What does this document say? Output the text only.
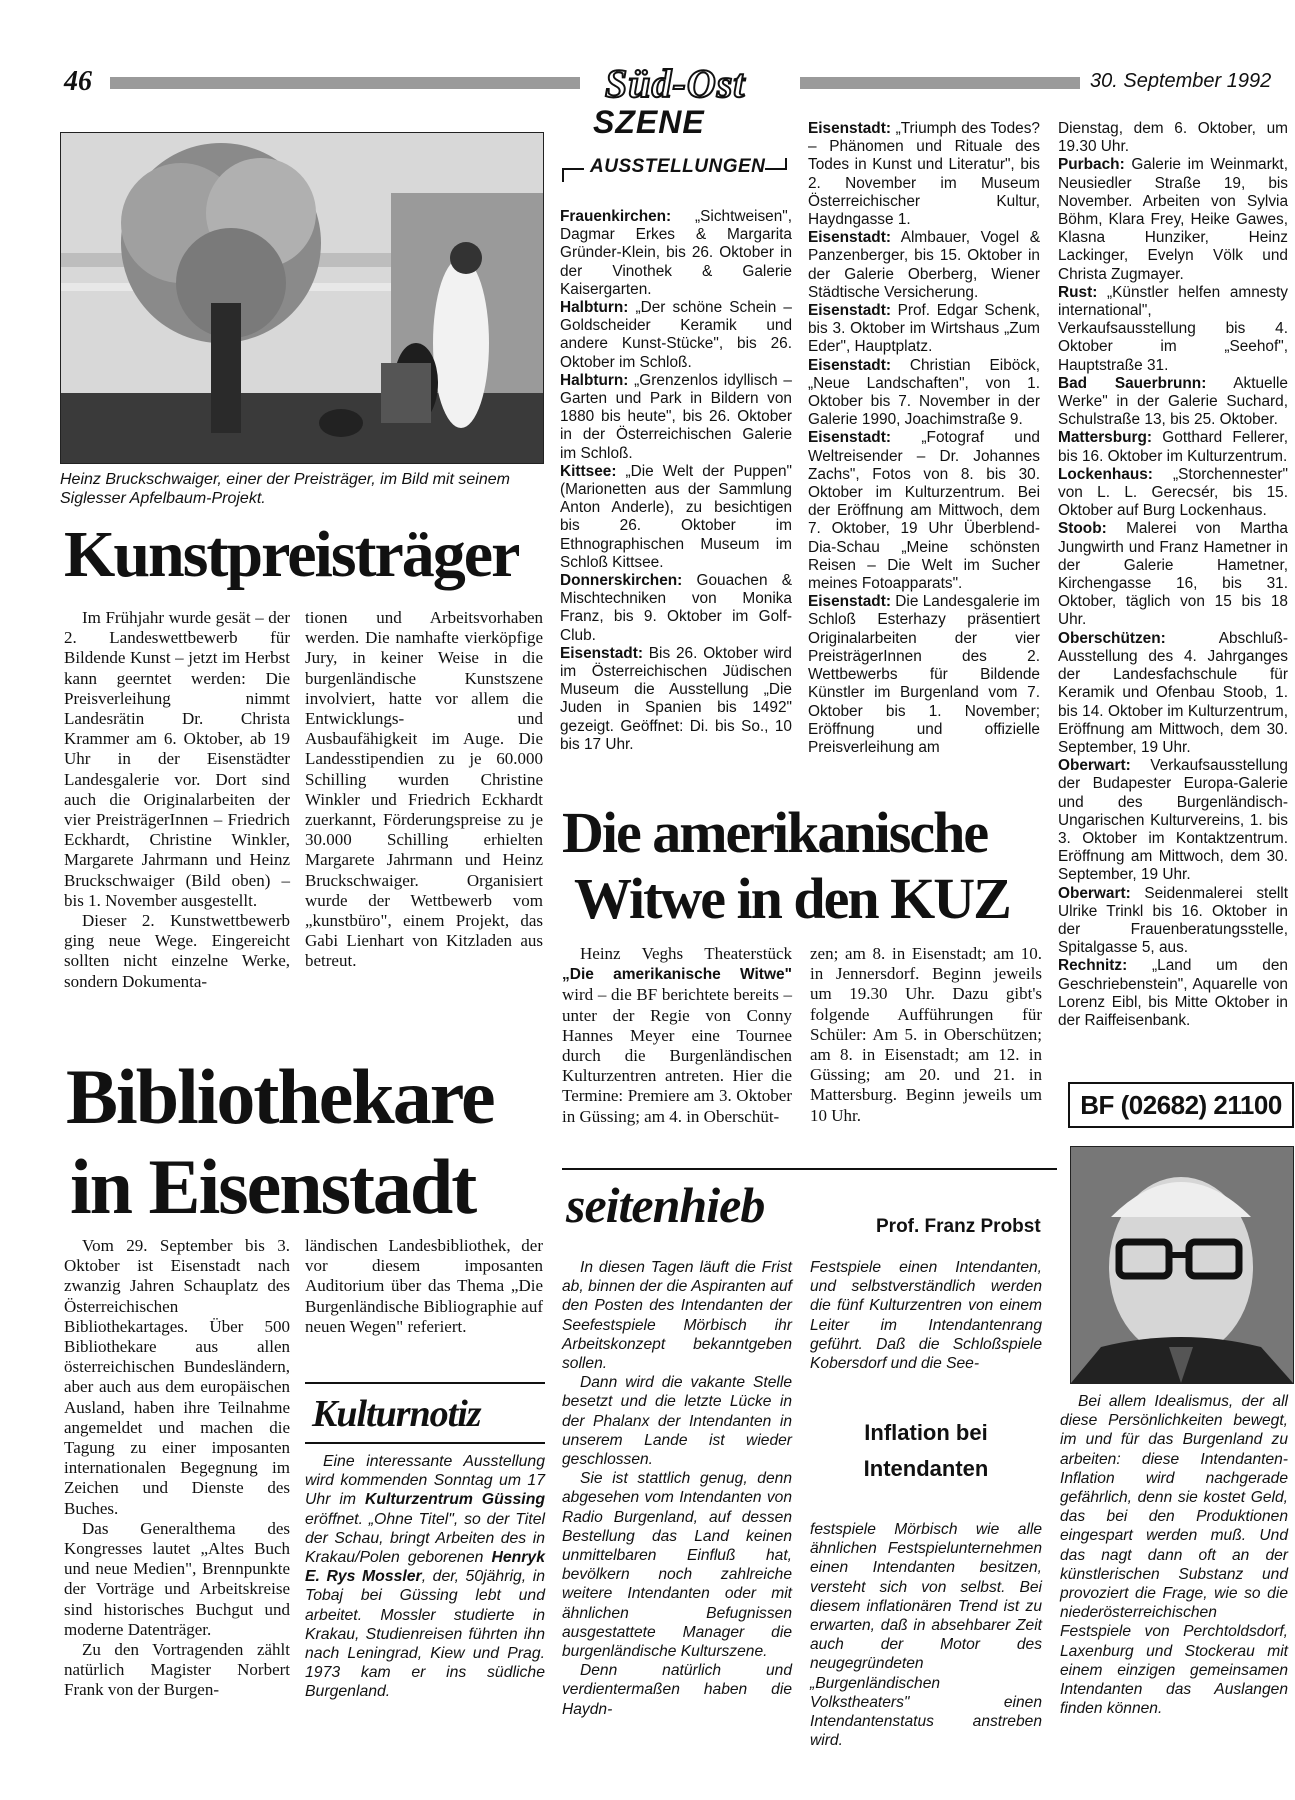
46	30. September 1992
Süd-Ost
SZENE
AUSSTELLUNGEN
Heinz Bruckschwaiger, einer der Preisträger, im Bild mit seinem Siglesser Apfelbaum-Projekt.
Kunstpreisträger

Im Frühjahr wurde gesät – der 2. Landeswettbewerb für Bildende Kunst – jetzt im Herbst kann geerntet werden: Die Preisverleihung nimmt Landesrätin Dr. Christa Krammer am 6. Oktober, ab 19 Uhr in der Eisenstädter Landesgalerie vor. Dort sind auch die Originalarbeiten der vier PreisträgerInnen – Friedrich Eckhardt, Christine Winkler, Margarete Jahrmann und Heinz Bruckschwaiger (Bild oben) – bis 1. November ausgestellt.

Dieser 2. Kunstwettbewerb ging neue Wege. Eingereicht sollten nicht einzelne Werke, sondern Dokumenta-

tionen und Arbeitsvorhaben werden. Die namhafte vierköpfige Jury, in keiner Weise in die burgenländische Kunstszene involviert, hatte vor allem die Entwicklungs- und Ausbaufähigkeit im Auge. Die Landesstipendien zu je 60.000 Schilling wurden Christine Winkler und Friedrich Eckhardt zuerkannt, Förderungspreise zu je 30.000 Schilling erhielten Margarete Jahrmann und Heinz Bruckschwaiger. Organisiert wurde der Wettbewerb vom „kunstbüro", einem Projekt, das Gabi Lienhart von Kitzladen aus betreut.

Bibliothekare
in Eisenstadt

Vom 29. September bis 3. Oktober ist Eisenstadt nach zwanzig Jahren Schauplatz des Österreichischen Bibliothekartages. Über 500 Bibliothekare aus allen österreichischen Bundesländern, aber auch aus dem europäischen Ausland, haben ihre Teilnahme angemeldet und machen die Tagung zu einer imposanten internationalen Begegnung im Zeichen und Dienste des Buches.

Das Generalthema des Kongresses lautet „Altes Buch und neue Medien", Brennpunkte der Vorträge und Arbeitskreise sind historisches Buchgut und moderne Datenträger.

Zu den Vortragenden zählt natürlich Magister Norbert Frank von der Burgen-

ländischen Landesbibliothek, der vor diesem imposanten Auditorium über das Thema „Die Burgenländische Bibliographie auf neuen Wegen" referiert.

Kulturnotiz

Eine interessante Ausstellung wird kommenden Sonntag um 17 Uhr im Kulturzentrum Güssing eröffnet. „Ohne Titel", so der Titel der Schau, bringt Arbeiten des in Krakau/Polen geborenen Henryk E. Rys Mossler, der, 50jährig, in Tobaj bei Güssing lebt und arbeitet. Mossler studierte in Krakau, Studienreisen führten ihn nach Leningrad, Kiew und Prag. 1973 kam er ins südliche Burgenland.

Frauenkirchen: „Sichtweisen", Dagmar Erkes & Margarita Gründer-Klein, bis 26. Oktober in der Vinothek & Galerie Kaisergarten.

Halbturn: „Der schöne Schein – Goldscheider Keramik und andere Kunst-Stücke", bis 26. Oktober im Schloß.

Halbturn: „Grenzenlos idyllisch – Garten und Park in Bildern von 1880 bis heute", bis 26. Oktober in der Österreichischen Galerie im Schloß.

Kittsee: „Die Welt der Puppen" (Marionetten aus der Sammlung Anton Anderle), zu besichtigen bis 26. Oktober im Ethnographischen Museum im Schloß Kittsee.

Donnerskirchen: Gouachen & Mischtechniken von Monika Franz, bis 9. Oktober im Golf-Club.

Eisenstadt: Bis 26. Oktober wird im Österreichischen Jüdischen Museum die Ausstellung „Die Juden in Spanien bis 1492" gezeigt. Geöffnet: Di. bis So., 10 bis 17 Uhr.

Eisenstadt: „Triumph des Todes? – Phänomen und Rituale des Todes in Kunst und Literatur", bis 2. November im Museum Österreichischer Kultur, Haydngasse 1.

Eisenstadt: Almbauer, Vogel & Panzenberger, bis 15. Oktober in der Galerie Oberberg, Wiener Städtische Versicherung.

Eisenstadt: Prof. Edgar Schenk, bis 3. Oktober im Wirtshaus „Zum Eder", Hauptplatz.

Eisenstadt: Christian Eiböck, „Neue Landschaften", von 1. Oktober bis 7. November in der Galerie 1990, Joachimstraße 9.

Eisenstadt: „Fotograf und Weltreisender – Dr. Johannes Zachs", Fotos von 8. bis 30. Oktober im Kulturzentrum. Bei der Eröffnung am Mittwoch, dem 7. Oktober, 19 Uhr Überblend-Dia-Schau „Meine schönsten Reisen – Die Welt im Sucher meines Fotoapparats".

Eisenstadt: Die Landesgalerie im Schloß Esterhazy präsentiert Originalarbeiten der vier PreisträgerInnen des 2. Wettbewerbs für Bildende Künstler im Burgenland vom 7. Oktober bis 1. November; Eröffnung und offizielle Preisverleihung am

Dienstag, dem 6. Oktober, um 19.30 Uhr.

Purbach: Galerie im Weinmarkt, Neusiedler Straße 19, bis November. Arbeiten von Sylvia Böhm, Klara Frey, Heike Gawes, Klasna Hunziker, Heinz Lackinger, Evelyn Völk und Christa Zugmayer.

Rust: „Künstler helfen amnesty international", Verkaufsausstellung bis 4. Oktober im „Seehof", Hauptstraße 31.

Bad Sauerbrunn: Aktuelle Werke" in der Galerie Suchard, Schulstraße 13, bis 25. Oktober.

Mattersburg: Gotthard Fellerer, bis 16. Oktober im Kulturzentrum.

Lockenhaus: „Storchennester" von L. L. Gerecsér, bis 15. Oktober auf Burg Lockenhaus.

Stoob: Malerei von Martha Jungwirth und Franz Hametner in der Galerie Hametner, Kirchengasse 16, bis 31. Oktober, täglich von 15 bis 18 Uhr.

Oberschützen: Abschluß-Ausstellung des 4. Jahrganges der Landesfachschule für Keramik und Ofenbau Stoob, 1. bis 14. Oktober im Kulturzentrum, Eröffnung am Mittwoch, dem 30. September, 19 Uhr.

Oberwart: Verkaufsausstellung der Budapester Europa-Galerie und des Burgenländisch-Ungarischen Kulturvereins, 1. bis 3. Oktober im Kontaktzentrum. Eröffnung am Mittwoch, dem 30. September, 19 Uhr.

Oberwart: Seidenmalerei stellt Ulrike Trinkl bis 16. Oktober in der Frauenberatungsstelle, Spitalgasse 5, aus.

Rechnitz: „Land um den Geschriebenstein", Aquarelle von Lorenz Eibl, bis Mitte Oktober in der Raiffeisenbank.

Die amerikanische
Witwe in den KUZ

Heinz Veghs Theaterstück „Die amerikanische Witwe" wird – die BF berichtete bereits – unter der Regie von Conny Hannes Meyer eine Tournee durch die Burgenländischen Kulturzentren antreten. Hier die Termine: Premiere am 3. Oktober in Güssing; am 4. in Oberschüt-

zen; am 8. in Eisenstadt; am 10. in Jennersdorf. Beginn jeweils um 19.30 Uhr. Dazu gibt's folgende Aufführungen für Schüler: Am 5. in Oberschützen; am 8. in Eisenstadt; am 12. in Güssing; am 20. und 21. in Mattersburg. Beginn jeweils um 10 Uhr.	BF (02682) 21100
seitenhieb	Prof. Franz Probst

In diesen Tagen läuft die Frist ab, binnen der die Aspiranten auf den Posten des Intendanten der Seefestspiele Mörbisch ihr Arbeitskonzept bekanntgeben sollen.

Dann wird die vakante Stelle besetzt und die letzte Lücke in der Phalanx der Intendanten in unserem Lande ist wieder geschlossen.

Sie ist stattlich genug, denn abgesehen vom Intendanten von Radio Burgenland, auf dessen Bestellung das Land keinen unmittelbaren Einfluß hat, bevölkern noch zahlreiche weitere Intendanten oder mit ähnlichen Befugnissen ausgestattete Manager die burgenländische Kulturszene.

Denn natürlich und verdientermaßen haben die Haydn-

Festspiele einen Intendanten, und selbstverständlich werden die fünf Kulturzentren von einem Leiter im Intendantenrang geführt. Daß die Schloßspiele Kobersdorf und die See-

Inflation bei
Intendanten

festspiele Mörbisch wie alle ähnlichen Festspielunternehmen einen Intendanten besitzen, versteht sich von selbst. Bei diesem inflationären Trend ist zu erwarten, daß in absehbarer Zeit auch der Motor des neugegründeten „Burgenländischen Volkstheaters" einen Intendantenstatus anstreben wird.

Bei allem Idealismus, der all diese Persönlichkeiten bewegt, im und für das Burgenland zu arbeiten: diese Intendanten-Inflation wird nachgerade gefährlich, denn sie kostet Geld, das bei den Produktionen eingespart werden muß. Und das nagt dann oft an der künstlerischen Substanz und provoziert die Frage, wie so die niederösterreichischen Festspiele von Perchtoldsdorf, Laxenburg und Stockerau mit einem einzigen gemeinsamen Intendanten das Auslangen finden können.
